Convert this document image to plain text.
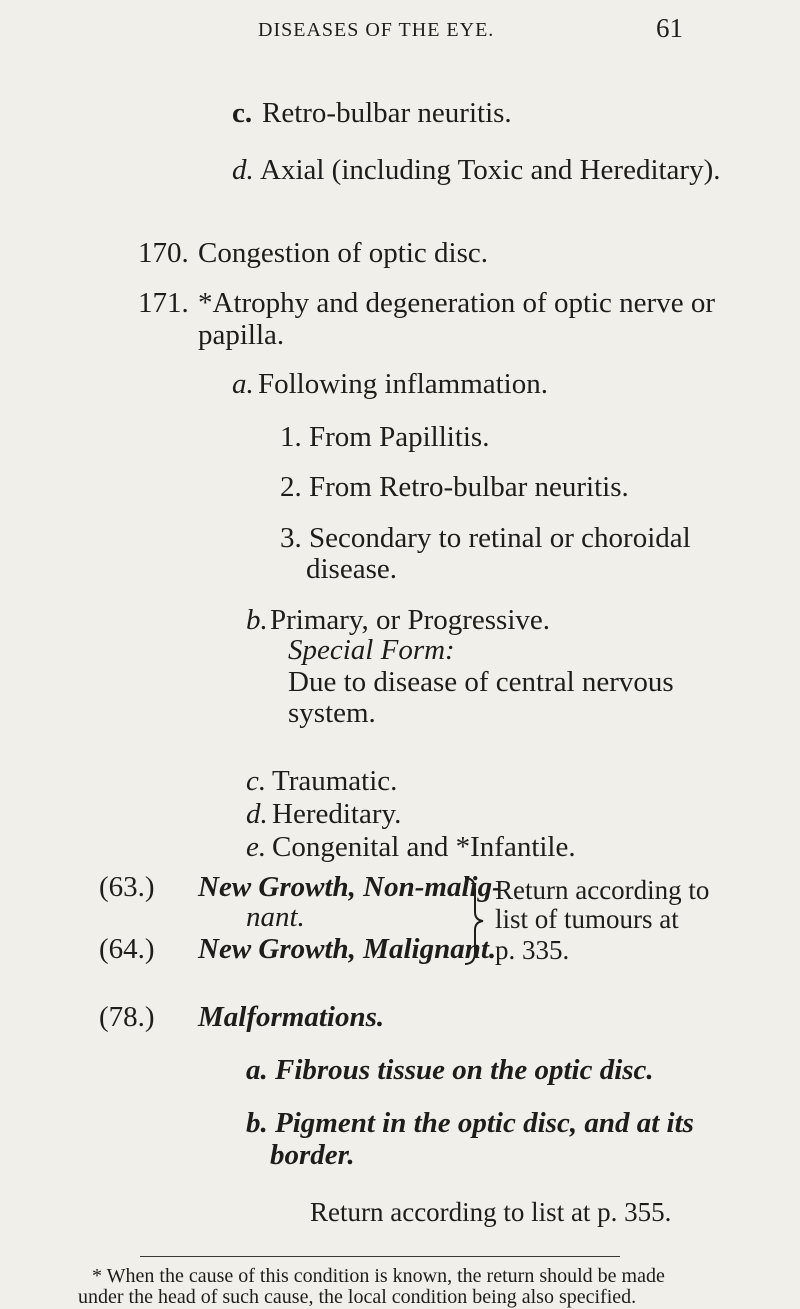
DISEASES OF THE EYE.	61
c. Retro-bulbar neuritis.
d. Axial (including Toxic and Hereditary).
170. Congestion of optic disc.
171. *Atrophy and degeneration of optic nerve or
papilla.
a. Following inflammation.
1. From Papillitis.
2. From Retro-bulbar neuritis.
3. Secondary to retinal or choroidal
disease.
b. Primary, or Progressive.
Special Form:
Due to disease of central nervous
system.
c. Traumatic.
d. Hereditary.
e. Congenital and *Infantile.
(63.) New Growth, Non-malig-
nant.
(64.) New Growth, Malignant.
Return according to
list of tumours at
p. 335.
(78.) Malformations.
a. Fibrous tissue on the optic disc.
b. Pigment in the optic disc, and at its
border.
Return according to list at p. 355.
* When the cause of this condition is known, the return should be made
under the head of such cause, the local condition being also specified.
